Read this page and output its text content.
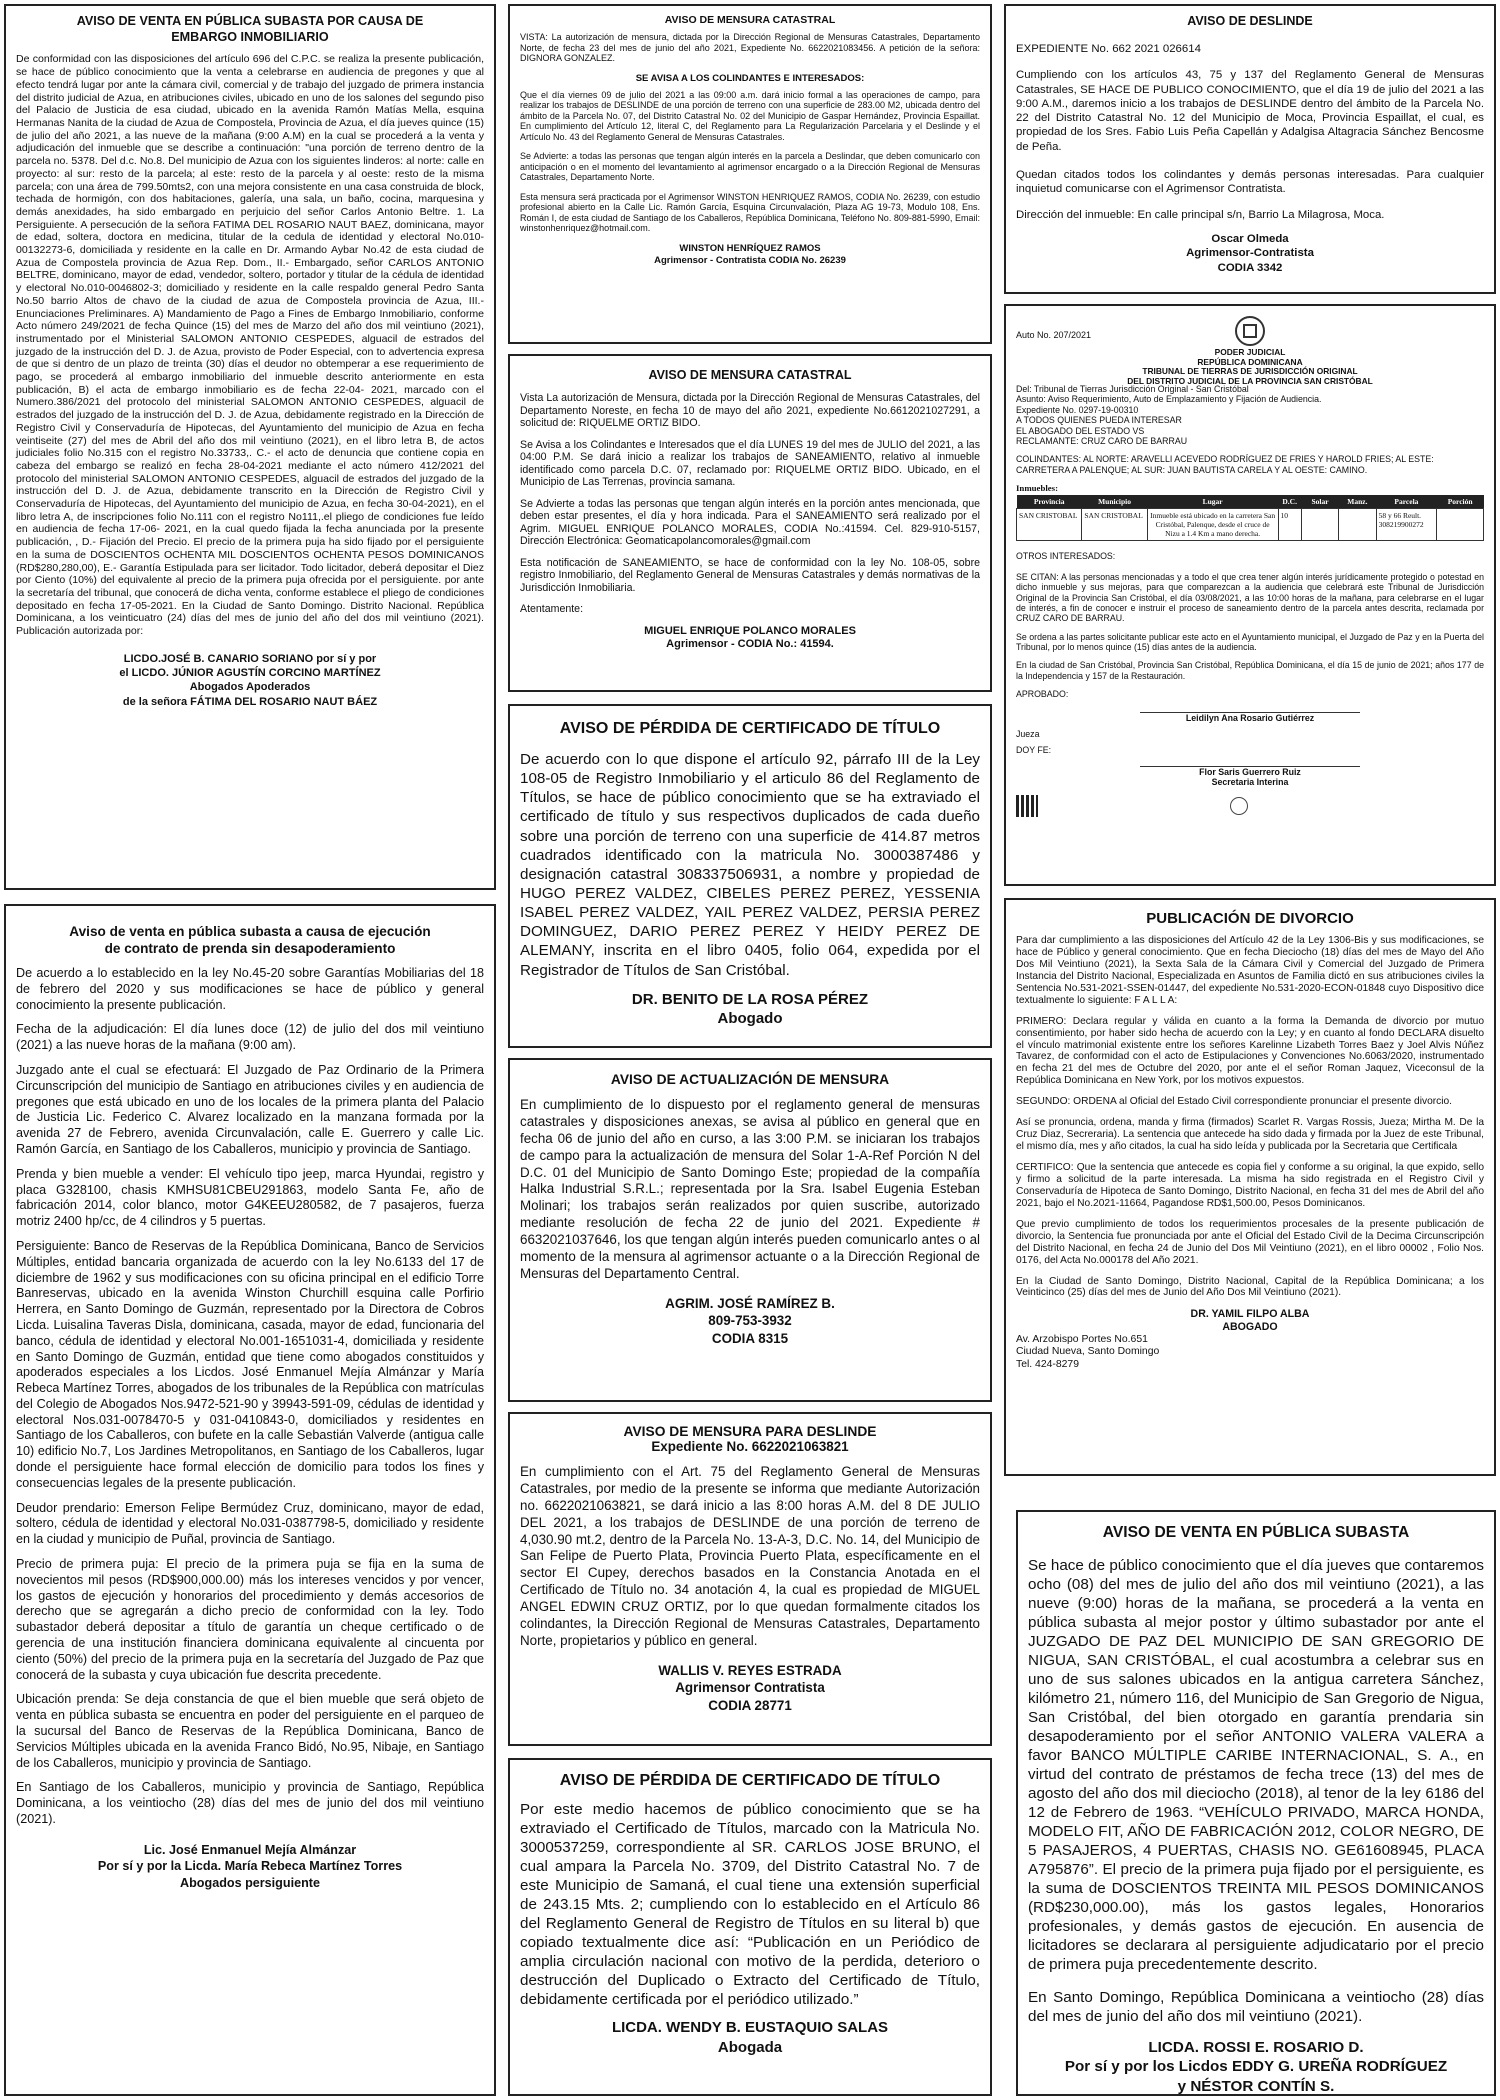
AVISO DE VENTA EN PÚBLICA SUBASTA POR CAUSA DE EMBARGO INMOBILIARIO

De conformidad con las disposiciones del artículo 696 del C.P.C. se realiza la presente publicación, se hace de público conocimiento que la venta a celebrarse en audiencia de pregones y que al efecto tendrá lugar por ante la cámara civil, comercial y de trabajo del juzgado de primera instancia del distrito judicial de Azua, en atribuciones civiles, ubicado en uno de los salones del segundo piso del Palacio de Justicia de esa ciudad, ubicado en la avenida Ramón Matías Mella, esquina Hermanas Nanita de la ciudad de Azua de Compostela, Provincia de Azua, el día jueves quince (15) de julio del año 2021, a las nueve de la mañana (9:00 A.M) en la cual se procederá a la venta y adjudicación del inmueble que se describe a continuación: "una porción de terreno dentro de la parcela no. 5378. Del d.c. No.8. Del municipio de Azua con los siguientes linderos: al norte: calle en proyecto: al sur: resto de la parcela; al este: resto de la parcela y al oeste: resto de la misma parcela; con una área de 799.50mts2, con una mejora consistente en una casa construida de block, techada de hormigón, con dos habitaciones, galería, una sala, un baño, cocina, marquesina y demás anexidades, ha sido embargado en perjuicio del señor Carlos Antonio Beltre. 1. La Persiguiente. A persecución de la señora FATIMA DEL ROSARIO NAUT BAEZ, dominicana, mayor de edad, soltera, doctora en medicina, titular de la cedula de identidad y electoral No.010-00132273-6, domiciliada y residente en la calle en Dr. Armando Aybar No.42 de esta ciudad de Azua de Compostela provincia de Azua Rep. Dom., II.- Embargado, señor CARLOS ANTONIO BELTRE, dominicano, mayor de edad, vendedor, soltero, portador y titular de la cédula de identidad y electoral No.010-0046802-3; domiciliado y residente en la calle respaldo general Pedro Santa No.50 barrio Altos de chavo de la ciudad de azua de Compostela provincia de Azua, III.- Enunciaciones Preliminares. A) Mandamiento de Pago a Fines de Embargo Inmobiliario, conforme Acto número 249/2021 de fecha Quince (15) del mes de Marzo del año dos mil veintiuno (2021), instrumentado por el Ministerial SALOMON ANTONIO CESPEDES, alguacil de estrados del juzgado de la instrucción del D. J. de Azua, provisto de Poder Especial, con to advertencia expresa de que si dentro de un plazo de treinta (30) días el deudor no obtemperar a ese requerimiento de pago, se procederá al embargo inmobiliario del inmueble descrito anteriormente en esta publicación, B) el acta de embargo inmobiliario es de fecha 22-04- 2021, marcado con el Numero.386/2021 del protocolo del ministerial SALOMON ANTONIO CESPEDES, alguacil de estrados del juzgado de la instrucción del D. J. de Azua, debidamente registrado en la Dirección de Registro Civil y Conservaduría de Hipotecas, del Ayuntamiento del municipio de Azua en fecha veintiseite (27) del mes de Abril del año dos mil veintiuno (2021), en el libro letra B, de actos judiciales folio No.315 con el registro No.33733,. C.- el acto de denuncia que contiene copia en cabeza del embargo se realizó en fecha 28-04-2021 mediante el acto número 412/2021 del protocolo del ministerial SALOMON ANTONIO CESPEDES, alguacil de estrados del juzgado de la instrucción del D. J. de Azua, debidamente transcrito en la Dirección de Registro Civil y Conservaduría de Hipotecas, del Ayuntamiento del municipio de Azua, en fecha 30-04-2021), en el libro letra A, de inscripciones folio No.111 con el registro No111,.el pliego de condiciones fue leído en audiencia de fecha 17-06- 2021, en la cual quedo fijada la fecha anunciada por la presente publicación, , D.- Fijación del Precio. El precio de la primera puja ha sido fijado por el persiguiente en la suma de DOSCIENTOS OCHENTA MIL DOSCIENTOS OCHENTA PESOS DOMINICANOS (RD$280,280,00), E.- Garantía Estipulada para ser licitador. Todo licitador, deberá depositar el Diez por Ciento (10%) del equivalente al precio de la primera puja ofrecida por el persiguiente. por ante la secretaría del tribunal, que conocerá de dicha venta, conforme establece el pliego de condiciones depositado en fecha 17-05-2021. En la Ciudad de Santo Domingo. Distrito Nacional. República Dominicana, a los veinticuatro (24) días del mes de junio del año del dos mil veintiuno (2021). Publicación autorizada por:

LICDO.JOSÉ B. CANARIO SORIANO por sí y por
el LICDO. JÚNIOR AGUSTÍN CORCINO MARTÍNEZ
Abogados Apoderados
de la señora FÁTIMA DEL ROSARIO NAUT BÁEZ
Aviso de venta en pública subasta a causa de ejecución de contrato de prenda sin desapoderamiento

De acuerdo a lo establecido en la ley No.45-20 sobre Garantías Mobiliarias del 18 de febrero del 2020 y sus modificaciones se hace de público y general conocimiento la presente publicación.

Fecha de la adjudicación: El día lunes doce (12) de julio del dos mil veintiuno (2021) a las nueve horas de la mañana (9:00 am).

Juzgado ante el cual se efectuará: El Juzgado de Paz Ordinario de la Primera Circunscripción del municipio de Santiago en atribuciones civiles y en audiencia de pregones que está ubicado en uno de los locales de la primera planta del Palacio de Justicia Lic. Federico C. Alvarez localizado en la manzana formada por la avenida 27 de Febrero, avenida Circunvalación, calle E. Guerrero y calle Lic. Ramón García, en Santiago de los Caballeros, municipio y provincia de Santiago.

Prenda y bien mueble a vender: El vehículo tipo jeep, marca Hyundai, registro y placa G328100, chasis KMHSU81CBEU291863, modelo Santa Fe, año de fabricación 2014, color blanco, motor G4KEEU280582, de 7 pasajeros, fuerza motriz 2400 hp/cc, de 4 cilindros y 5 puertas.

Persiguiente: Banco de Reservas de la República Dominicana, Banco de Servicios Múltiples, entidad bancaria organizada de acuerdo con la ley No.6133 del 17 de diciembre de 1962 y sus modificaciones con su oficina principal en el edificio Torre Banreservas, ubicado en la avenida Winston Churchill esquina calle Porfirio Herrera, en Santo Domingo de Guzmán, representado por la Directora de Cobros Licda. Luisalina Taveras Disla, dominicana, casada, mayor de edad, funcionaria del banco, cédula de identidad y electoral No.001-1651031-4, domiciliada y residente en Santo Domingo de Guzmán, entidad que tiene como abogados constituidos y apoderados especiales a los Licdos. José Enmanuel Mejía Almánzar y María Rebeca Martínez Torres, abogados de los tribunales de la República con matrículas del Colegio de Abogados Nos.9472-521-90 y 39943-591-09, cédulas de identidad y electoral Nos.031-0078470-5 y 031-0410843-0, domiciliados y residentes en Santiago de los Caballeros, con bufete en la calle Sebastián Valverde (antigua calle 10) edificio No.7, Los Jardines Metropolitanos, en Santiago de los Caballeros, lugar donde el persiguiente hace formal elección de domicilio para todos los fines y consecuencias legales de la presente publicación.

Deudor prendario: Emerson Felipe Bermúdez Cruz, dominicano, mayor de edad, soltero, cédula de identidad y electoral No.031-0387798-5, domiciliado y residente en la ciudad y municipio de Puñal, provincia de Santiago.

Precio de primera puja: El precio de la primera puja se fija en la suma de novecientos mil pesos (RD$900,000.00) más los intereses vencidos y por vencer, los gastos de ejecución y honorarios del procedimiento y demás accesorios de derecho que se agregarán a dicho precio de conformidad con la ley. Todo subastador deberá depositar a título de garantía un cheque certificado o de gerencia de una institución financiera dominicana equivalente al cincuenta por ciento (50%) del precio de la primera puja en la secretaría del Juzgado de Paz que conocerá de la subasta y cuya ubicación fue descrita precedente.

Ubicación prenda: Se deja constancia de que el bien mueble que será objeto de venta en pública subasta se encuentra en poder del persiguiente en el parqueo de la sucursal del Banco de Reservas de la República Dominicana, Banco de Servicios Múltiples ubicada en la avenida Franco Bidó, No.95, Nibaje, en Santiago de los Caballeros, municipio y provincia de Santiago.

En Santiago de los Caballeros, municipio y provincia de Santiago, República Dominicana, a los veintiocho (28) días del mes de junio del dos mil veintiuno (2021).

Lic. José Enmanuel Mejía Almánzar
Por sí y por la Licda. María Rebeca Martínez Torres
Abogados persiguiente
AVISO DE MENSURA CATASTRAL

VISTA: La autorización de mensura, dictada por la Dirección Regional de Mensuras Catastrales, Departamento Norte, de fecha 23 del mes de junio del año 2021, Expediente No. 6622021083456. A petición de la señora: DIGNORA GONZALEZ.

SE AVISA A LOS COLINDANTES E INTERESADOS:

Que el día viernes 09 de julio del 2021 a las 09:00 a.m. dará inicio formal a las operaciones de campo, para realizar los trabajos de DESLINDE de una porción de terreno con una superficie de 283.00 M2, ubicada dentro del ámbito de la Parcela No. 07, del Distrito Catastral No. 02 del Municipio de Gaspar Hernández, Provincia Espaillat. En cumplimiento del Artículo 12, literal C, del Reglamento para La Regularización Parcelaria y el Deslinde y el Artículo No. 43 del Reglamento General de Mensuras Catastrales.

Se Advierte: a todas las personas que tengan algún interés en la parcela a Deslindar, que deben comunicarlo con anticipación o en el momento del levantamiento al agrimensor encargado o a la Dirección Regional de Mensuras Catastrales, Departamento Norte.

Esta mensura será practicada por el Agrimensor WINSTON HENRIQUEZ RAMOS, CODIA No. 26239, con estudio profesional abierto en la Calle Lic. Ramón García, Esquina Circunvalación, Plaza AG 19-73, Modulo 108, Ens. Román I, de esta ciudad de Santiago de los Caballeros, República Dominicana, Teléfono No. 809-881-5990, Email: winstonhenriquez@hotmail.com.

WINSTON HENRÍQUEZ RAMOS
Agrimensor - Contratista CODIA No. 26239
AVISO DE MENSURA CATASTRAL

Vista La autorización de Mensura, dictada por la Dirección Regional de Mensuras Catastrales, del Departamento Noreste, en fecha 10 de mayo del año 2021, expediente No.6612021027291, a solicitud de: RIQUELME ORTIZ BIDO.

Se Avisa a los Colindantes e Interesados que el día LUNES 19 del mes de JULIO del 2021, a las 04:00 P.M. Se dará inicio a realizar los trabajos de SANEAMIENTO, relativo al inmueble identificado como parcela D.C. 07, reclamado por: RIQUELME ORTIZ BIDO. Ubicado, en el Municipio de Las Terrenas, provincia samana.

Se Advierte a todas las personas que tengan algún interés en la porción antes mencionada, que deben estar presentes, el día y hora indicada. Para el SANEAMIENTO será realizado por el Agrim. MIGUEL ENRIQUE POLANCO MORALES, CODIA No.:41594. Cel. 829-910-5157, Dirección Electrónica: Geomaticapolancomorales@gmail.com

Esta notificación de SANEAMIENTO, se hace de conformidad con la ley No. 108-05, sobre registro Inmobiliario, del Reglamento General de Mensuras Catastrales y demás normativas de la Jurisdicción Inmobiliaria.

Atentamente:

MIGUEL ENRIQUE POLANCO MORALES
Agrimensor - CODIA No.: 41594.
AVISO DE PÉRDIDA DE CERTIFICADO DE TÍTULO

De acuerdo con lo que dispone el artículo 92, párrafo III de la Ley 108-05 de Registro Inmobiliario y el articulo 86 del Reglamento de Títulos, se hace de público conocimiento que se ha extraviado el certificado de título y sus respectivos duplicados de cada dueño sobre una porción de terreno con una superficie de 414.87 metros cuadrados identificado con la matricula No. 3000387486 y designación catastral 308337506931, a nombre y propiedad de HUGO PEREZ VALDEZ, CIBELES PEREZ PEREZ, YESSENIA ISABEL PEREZ VALDEZ, YAIL PEREZ VALDEZ, PERSIA PEREZ DOMINGUEZ, DARIO PEREZ PEREZ Y HEIDY PEREZ DE ALEMANY, inscrita en el libro 0405, folio 064, expedida por el Registrador de Títulos de San Cristóbal.

DR. BENITO DE LA ROSA PÉREZ
Abogado
AVISO DE ACTUALIZACIÓN DE MENSURA

En cumplimiento de lo dispuesto por el reglamento general de mensuras catastrales y disposiciones anexas, se avisa al público en general que en fecha 06 de junio del año en curso, a las 3:00 P.M. se iniciaran los trabajos de campo para la actualización de mensura del Solar 1-A-Ref Porción N del D.C. 01 del Municipio de Santo Domingo Este; propiedad de la compañía Halka Industrial S.R.L.; representada por la Sra. Isabel Eugenia Esteban Molinari; los trabajos serán realizados por quien suscribe, autorizado mediante resolución de fecha 22 de junio del 2021. Expediente # 6632021037646, los que tengan algún interés pueden comunicarlo antes o al momento de la mensura al agrimensor actuante o a la Dirección Regional de Mensuras del Departamento Central.

AGRIM. JOSÉ RAMÍREZ B.
809-753-3932
CODIA 8315
AVISO DE MENSURA PARA DESLINDE
Expediente No. 6622021063821

En cumplimiento con el Art. 75 del Reglamento General de Mensuras Catastrales, por medio de la presente se informa que mediante Autorización no. 6622021063821, se dará inicio a las 8:00 horas A.M. del 8 DE JULIO DEL 2021, a los trabajos de DESLINDE de una porción de terreno de 4,030.90 mt.2, dentro de la Parcela No. 13-A-3, D.C. No. 14, del Municipio de San Felipe de Puerto Plata, Provincia Puerto Plata, específicamente en el sector El Cupey, derechos basados en la Constancia Anotada en el Certificado de Título no. 34 anotación 4, la cual es propiedad de MIGUEL ANGEL EDWIN CRUZ ORTIZ, por lo que quedan formalmente citados los colindantes, la Dirección Regional de Mensuras Catastrales, Departamento Norte, propietarios y público en general.

WALLIS V. REYES ESTRADA
Agrimensor Contratista
CODIA 28771
AVISO DE PÉRDIDA DE CERTIFICADO DE TÍTULO

Por este medio hacemos de público conocimiento que se ha extraviado el Certificado de Títulos, marcado con la Matricula No. 3000537259, correspondiente al SR. CARLOS JOSE BRUNO, el cual ampara la Parcela No. 3709, del Distrito Catastral No. 7 de este Municipio de Samaná, el cual tiene una extensión superficial de 243.15 Mts. 2; cumpliendo con lo establecido en el Artículo 86 del Reglamento General de Registro de Títulos en su literal b) que copiado textualmente dice así: “Publicación en un Periódico de amplia circulación nacional con motivo de la perdida, deterioro o destrucción del Duplicado o Extracto del Certificado de Título, debidamente certificada por el periódico utilizado.”

LICDA. WENDY B. EUSTAQUIO SALAS
Abogada
AVISO DE DESLINDE

EXPEDIENTE No. 662 2021 026614

Cumpliendo con los artículos 43, 75 y 137 del Reglamento General de Mensuras Catastrales, SE HACE DE PUBLICO CONOCIMIENTO, que el día 19 de julio del 2021 a las 9:00 A.M., daremos inicio a los trabajos de DESLINDE dentro del ámbito de la Parcela No. 22 del Distrito Catastral No. 12 del Municipio de Moca, Provincia Espaillat, el cual, es propiedad de los Sres. Fabio Luis Peña Capellán y Adalgisa Altagracia Sánchez Bencosme de Peña.

Quedan citados todos los colindantes y demás personas interesadas. Para cualquier inquietud comunicarse con el Agrimensor Contratista.

Dirección del inmueble: En calle principal s/n, Barrio La Milagrosa, Moca.

Oscar Olmeda
Agrimensor-Contratista
CODIA 3342
Auto No. 207/2021
PODER JUDICIAL
REPÚBLICA DOMINICANA
TRIBUNAL DE TIERRAS DE JURISDICCIÓN ORIGINAL
DEL DISTRITO JUDICIAL DE LA PROVINCIA SAN CRISTÓBAL
Del: Tribunal de Tierras Jurisdicción Original - San Cristóbal
Asunto: Aviso Requerimiento, Auto de Emplazamiento y Fijación de Audiencia.
Expediente No. 0297-19-00310
A TODOS QUIENES PUEDA INTERESAR
EL ABOGADO DEL ESTADO VS
RECLAMANTE: CRUZ CARO DE BARRAU
COLINDANTES: AL NORTE: ARAVELLI ACEVEDO RODRÍGUEZ DE FRIES Y HAROLD FRIES; AL ESTE: CARRETERA A PALENQUE; AL SUR: JUAN BAUTISTA CARELA Y AL OESTE: CAMINO.
Inmuebles:
Provincia	Municipio	Lugar	D.C.	Solar	Manz.	Parcela	Porción
SAN CRISTOBAL	SAN CRISTOBAL	Inmueble está ubicado en la carretera San Cristóbal, Palenque, desde el cruce de Nizu a 1.4 Km a mano derecha.	10			58 y 66 Reult. 308219900272	
OTROS INTERESADOS:

SE CITAN: A las personas mencionadas y a todo el que crea tener algún interés jurídicamente protegido o potestad en dicho inmueble y sus mejoras, para que comparezcan a la audiencia que celebrará este Tribunal de Jurisdicción Original de la Provincia San Cristóbal, el día 03/08/2021, a las 10:00 horas de la mañana, para celebrarse en el lugar de interés, a fin de conocer e instruir el proceso de saneamiento dentro de la parcela antes descrita, reclamada por CRUZ CARO DE BARRAU.

Se ordena a las partes solicitante publicar este acto en el Ayuntamiento municipal, el Juzgado de Paz y en la Puerta del Tribunal, por lo menos quince (15) días antes de la audiencia.

En la ciudad de San Cristóbal, Provincia San Cristóbal, República Dominicana, el día 15 de junio de 2021; años 177 de la Independencia y 157 de la Restauración.

APROBADO:
Leidilyn Ana Rosario Gutiérrez
Jueza
DOY FE:
Flor Saris Guerrero Ruiz
Secretaria Interina

PUBLICACIÓN DE DIVORCIO

Para dar cumplimiento a las disposiciones del Artículo 42 de la Ley 1306-Bis y sus modificaciones, se hace de Público y general conocimiento. Que en fecha Dieciocho (18) días del mes de Mayo del Año Dos Mil Veintiuno (2021), la Sexta Sala de la Cámara Civil y Comercial del Juzgado de Primera Instancia del Distrito Nacional, Especializada en Asuntos de Familia dictó en sus atribuciones civiles la Sentencia No.531-2021-SSEN-01447, del expediente No.531-2020-ECON-01848 cuyo Dispositivo dice textualmente lo siguiente: F A L L A:

PRIMERO: Declara regular y válida en cuanto a la forma la Demanda de divorcio por mutuo consentimiento, por haber sido hecha de acuerdo con la Ley; y en cuanto al fondo DECLARA disuelto el vínculo matrimonial existente entre los señores Karelinne Lizabeth Torres Baez y Joel Alvis Núñez Tavarez, de conformidad con el acto de Estipulaciones y Convenciones No.6063/2020, instrumentado en fecha 21 del mes de Octubre del 2020, por ante el el señor Roman Jaquez, Viceconsul de la República Dominicana en New York, por los motivos expuestos.

SEGUNDO: ORDENA al Oficial del Estado Civil correspondiente pronunciar el presente divorcio.

Así se pronuncia, ordena, manda y firma (firmados) Scarlet R. Vargas Rossis, Jueza; Mirtha M. De la Cruz Diaz, Secreraria). La sentencia que antecede ha sido dada y firmada por la Juez de este Tribunal, el mismo día, mes y año citados, la cual ha sido leída y publicada por la Secretaria que Certificala

CERTIFICO: Que la sentencia que antecede es copia fiel y conforme a su original, la que expido, sello y firmo a solicitud de la parte interesada. La misma ha sido registrada en el Registro Civil y Conservaduría de Hipoteca de Santo Domingo, Distrito Nacional, en fecha 31 del mes de Abril del año 2021, bajo el No.2021-11664, Pagandose RD$1,500.00, Pesos Dominicanos.

Que previo cumplimiento de todos los requerimientos procesales de la presente publicación de divorcio, la Sentencia fue pronunciada por ante el Oficial del Estado Civil de la Decima Circunscripción del Distrito Nacional, en fecha 24 de Junio del Dos Mil Veintiuno (2021), en el libro 00002 , Folio Nos. 0176, del Acta No.000178 del Año 2021.

En la Ciudad de Santo Domingo, Distrito Nacional, Capital de la República Dominicana; a los Veinticinco (25) días del mes de Junio del Año Dos Mil Veintiuno (2021).

DR. YAMIL FILPO ALBA
ABOGADO
Av. Arzobispo Portes No.651
Ciudad Nueva, Santo Domingo
Tel. 424-8279
AVISO DE VENTA EN PÚBLICA SUBASTA

Se hace de público conocimiento que el día jueves que contaremos ocho (08) del mes de julio del año dos mil veintiuno (2021), a las nueve (9:00) horas de la mañana, se procederá a la venta en pública subasta al mejor postor y último subastador por ante el JUZGADO DE PAZ DEL MUNICIPIO DE SAN GREGORIO DE NIGUA, SAN CRISTÓBAL, el cual acostumbra a celebrar sus en uno de sus salones ubicados en la antigua carretera Sánchez, kilómetro 21, número 116, del Municipio de San Gregorio de Nigua, San Cristóbal, del bien otorgado en garantía prendaria sin desapoderamiento por el señor ANTONIO VALERA VALERA a favor BANCO MÚLTIPLE CARIBE INTERNACIONAL, S. A., en virtud del contrato de préstamos de fecha trece (13) del mes de agosto del año dos mil dieciocho (2018), al tenor de la ley 6186 del 12 de Febrero de 1963. “VEHÍCULO PRIVADO, MARCA HONDA, MODELO FIT, AÑO DE FABRICACIÓN 2012, COLOR NEGRO, DE 5 PASAJEROS, 4 PUERTAS, CHASIS NO. GE61608945, PLACA A795876”. El precio de la primera puja fijado por el persiguiente, es la suma de DOSCIENTOS TREINTA MIL PESOS DOMINICANOS (RD$230,000.00), más los gastos legales, Honorarios profesionales, y demás gastos de ejecución. En ausencia de licitadores se declarara al persiguiente adjudicatario por el precio de primera puja precedentemente descrito.

En Santo Domingo, República Dominicana a veintiocho (28) días del mes de junio del año dos mil veintiuno (2021).

LICDA. ROSSI E. ROSARIO D.
Por sí y por los Licdos EDDY G. UREÑA RODRÍGUEZ
y NÉSTOR CONTÍN S.
